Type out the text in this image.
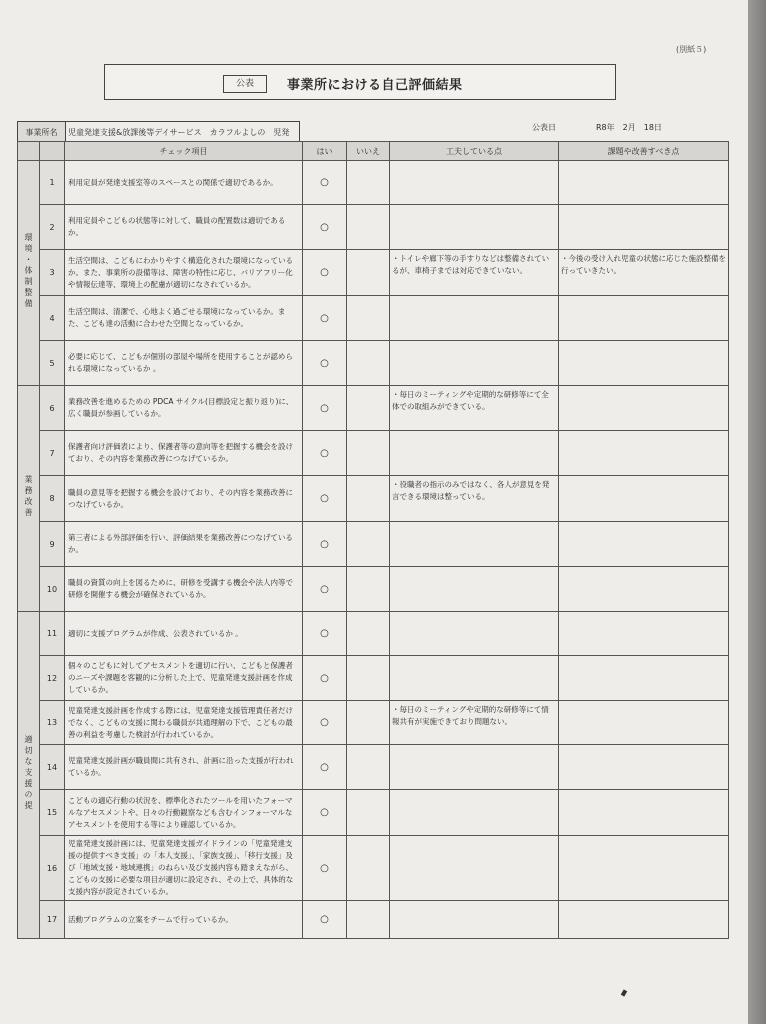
(別紙５)
公表	事業所における自己評価結果
事業所名	児童発達支援&放課後等デイサービス　カラフルよしの　児発
公表日	R8年　2月　18日
		チェック項目	はい	いいえ	工夫している点	課題や改善すべき点
環境・体制整備	1	利用定員が発達支援室等のスペースとの関係で適切であるか。	○			
	2	利用定員やこどもの状態等に対して、職員の配置数は適切であるか。	○			
	3	生活空間は、こどもにわかりやすく構造化された環境になっているか。また、事業所の設備等は、障害の特性に応じ、バリアフリー化や情報伝達等、環境上の配慮が適切になされているか。	○		・トイレや廊下等の手すりなどは整備されているが、車椅子までは対応できていない。	・今後の受け入れ児童の状態に応じた施設整備を行っていきたい。
	4	生活空間は、清潔で、心地よく過ごせる環境になっているか。また、こども達の活動に合わせた空間となっているか。	○			
	5	必要に応じて、こどもが個別の部屋や場所を使用することが認められる環境になっているか 。	○			
業務改善	6	業務改善を進めるための PDCA サイクル(目標設定と振り返り)に、広く職員が参画しているか。	○		・毎日のミーティングや定期的な研修等にて全体での取組みができている。	
	7	保護者向け評価表により、保護者等の意向等を把握する機会を設けており、その内容を業務改善につなげているか。	○			
	8	職員の意見等を把握する機会を設けており、その内容を業務改善につなげているか。	○		・役職者の指示のみではなく、各人が意見を発言できる環境は整っている。	
	9	第三者による外部評価を行い、評価結果を業務改善につなげているか。	○			
	10	職員の資質の向上を図るために、研修を受講する機会や法人内等で研修を開催する機会が確保されているか。	○			
適切な支援の提	11	適切に支援プログラムが作成、公表されているか 。	○			
	12	個々のこどもに対してアセスメントを適切に行い、こどもと保護者のニーズや課題を客観的に分析した上で、児童発達支援計画を作成しているか。	○			
	13	児童発達支援計画を作成する際には、児童発達支援管理責任者だけでなく、こどもの支援に関わる職員が共通理解の下で、こどもの最善の利益を考慮した検討が行われているか。	○		・毎日のミーティングや定期的な研修等にて情報共有が実施できており問題ない。	
	14	児童発達支援計画が職員間に共有され、計画に沿った支援が行われているか。	○			
	15	こどもの適応行動の状況を、標準化されたツールを用いたフォーマルなアセスメントや、日々の行動観察なども含むインフォーマルなアセスメントを使用する等により確認しているか。	○			
	16	児童発達支援計画には、児童発達支援ガイドラインの「児童発達支援の提供すべき支援」の「本人支援」、「家族支援」、「移行支援」及び「地域支援・地域連携」のねらい及び支援内容も踏まえながら、こどもの支援に必要な項目が適切に設定され、その上で、具体的な支援内容が設定されているか。	○			
	17	活動プログラムの立案をチームで行っているか。	○			
